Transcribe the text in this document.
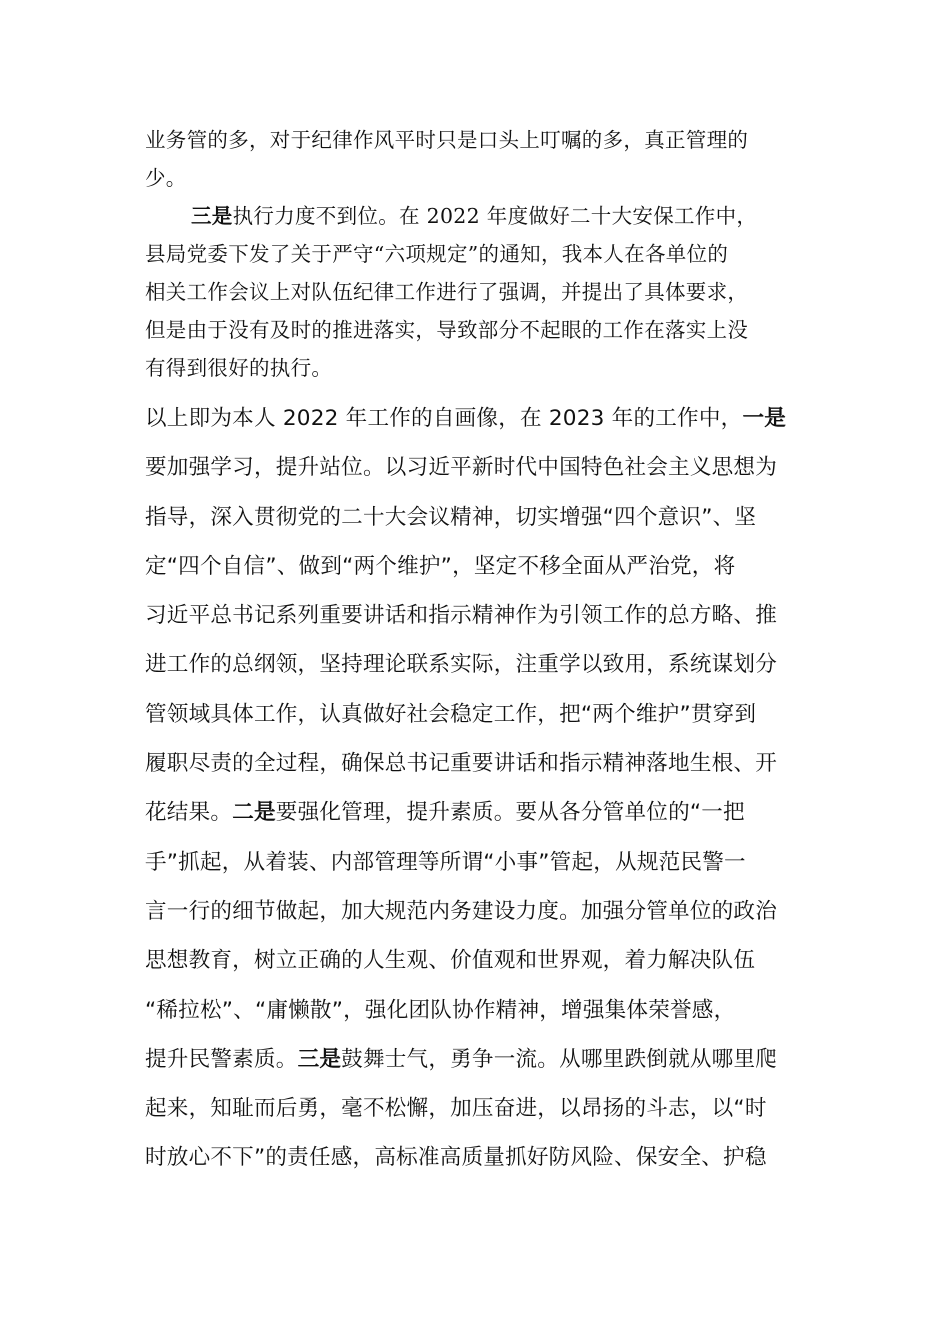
业务管的多，对于纪律作风平时只是口头上叮嘱的多，真正管理的
少。

三是执行力度不到位。在 2022 年度做好二十大安保工作中，
县局党委下发了关于严守“六项规定”的通知，我本人在各单位的
相关工作会议上对队伍纪律工作进行了强调，并提出了具体要求，
但是由于没有及时的推进落实，导致部分不起眼的工作在落实上没
有得到很好的执行。

以上即为本人 2022 年工作的自画像，在 2023 年的工作中，一是
要加强学习，提升站位。以习近平新时代中国特色社会主义思想为
指导，深入贯彻党的二十大会议精神，切实增强“四个意识”、坚
定“四个自信”、做到“两个维护”，坚定不移全面从严治党，将
习近平总书记系列重要讲话和指示精神作为引领工作的总方略、推
进工作的总纲领，坚持理论联系实际，注重学以致用，系统谋划分
管领域具体工作，认真做好社会稳定工作，把“两个维护”贯穿到
履职尽责的全过程，确保总书记重要讲话和指示精神落地生根、开
花结果。二是要强化管理，提升素质。要从各分管单位的“一把
手”抓起，从着装、内部管理等所谓“小事”管起，从规范民警一
言一行的细节做起，加大规范内务建设力度。加强分管单位的政治
思想教育，树立正确的人生观、价值观和世界观，着力解决队伍
“稀拉松”、“庸懒散”，强化团队协作精神，增强集体荣誉感，
提升民警素质。三是鼓舞士气，勇争一流。从哪里跌倒就从哪里爬
起来，知耻而后勇，毫不松懈，加压奋进，以昂扬的斗志，以“时
时放心不下”的责任感，高标准高质量抓好防风险、保安全、护稳
